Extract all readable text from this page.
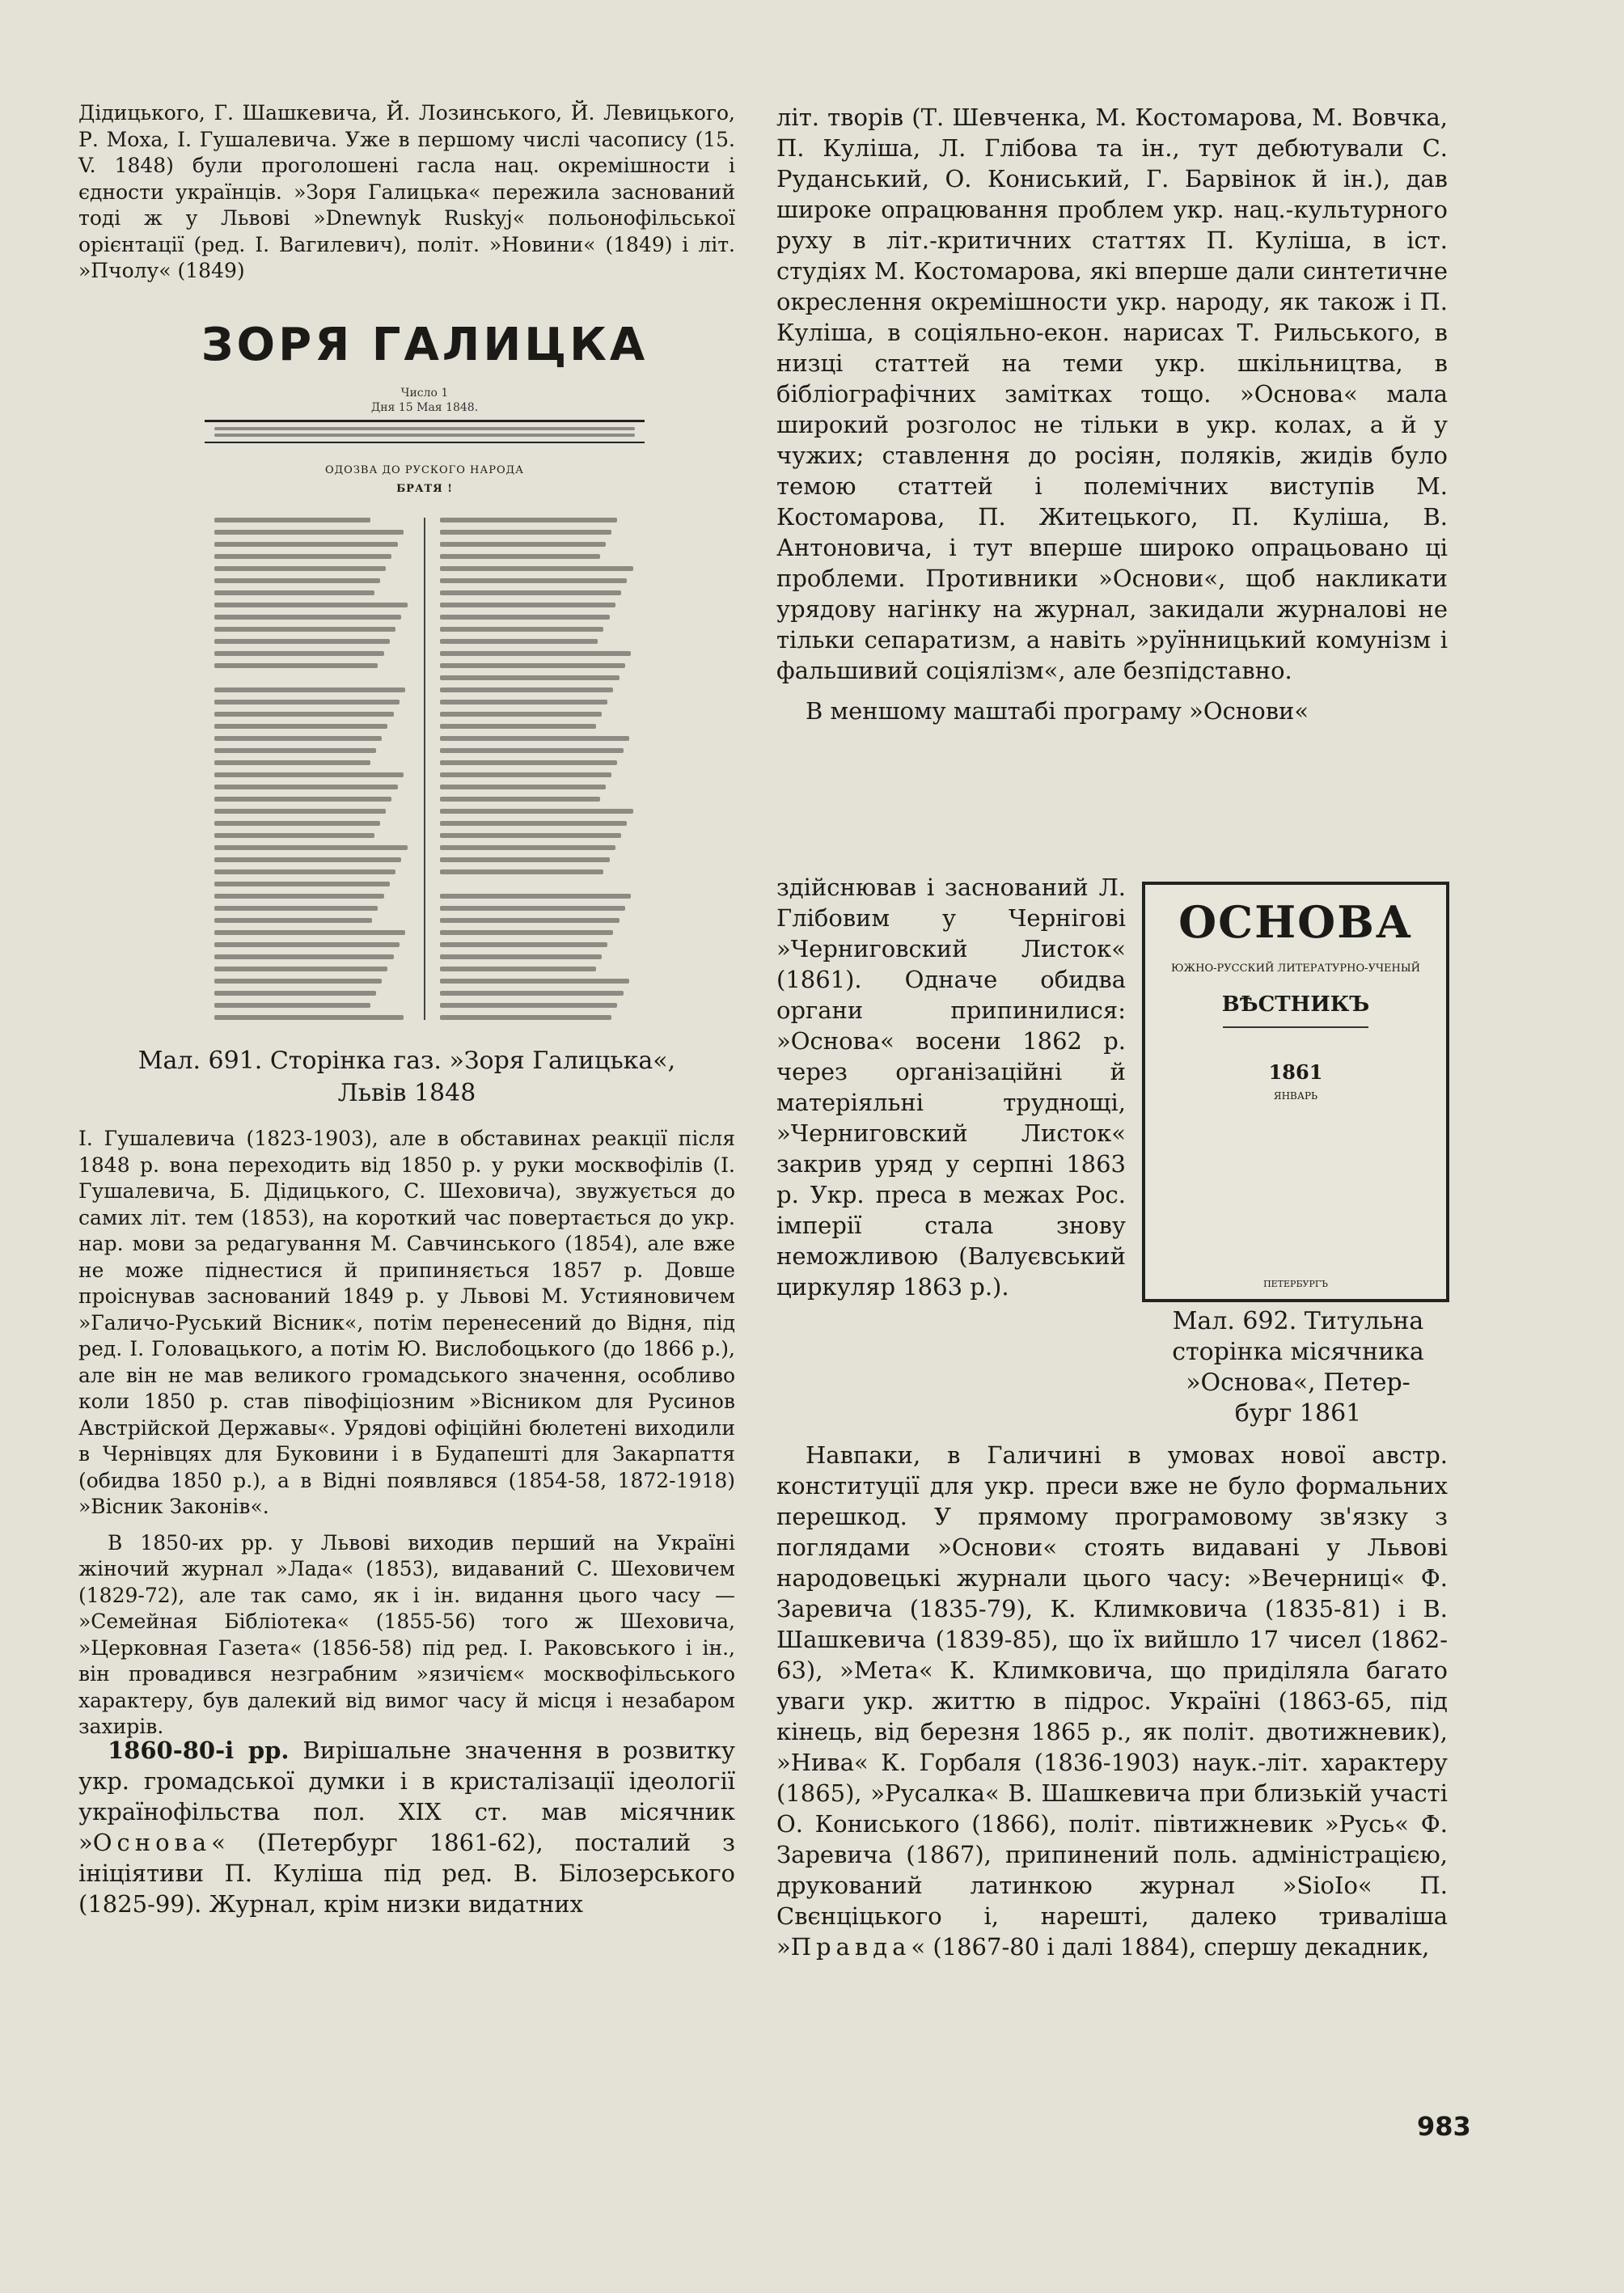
Дідицького, Г. Шашкевича, Й. Лозинського, Й. Левицького, Р. Моха, І. Гушалевича. Уже в першому числі часопису (15. V. 1848) були проголошені гасла нац. окремішности і єдности українців. »Зоря Галицька« пережила заснований тоді ж у Львові »Dnewnyk Ruskyj« польонофільської орієнтації (ред. І. Вагилевич), політ. »Новини« (1849) і літ. »Пчолу« (1849)

ЗОРЯ ГАЛИЦКА
Число 1
Дня 15 Мая 1848.
ОДОЗВА ДО РУСКОГО НАРОДА
БРАТЯ !
Мал. 691. Сторінка газ. »Зоря Галицька«,
Львів 1848

І. Гушалевича (1823-1903), але в обставинах реакції після 1848 р. вона переходить від 1850 р. у руки москвофілів (І. Гушалевича, Б. Дідицького, С. Шеховича), звужується до самих літ. тем (1853), на короткий час повертається до укр. нар. мови за редагування М. Савчинського (1854), але вже не може піднестися й припиняється 1857 р. Довше проіснував заснований 1849 р. у Львові М. Устияновичем »Галичо-Руський Вісник«, потім перенесений до Відня, під ред. І. Головацького, а потім Ю. Вислобоцького (до 1866 р.), але він не мав великого громадського значення, особливо коли 1850 р. став півофіціозним »Вісником для Русинов Австрійской Державы«. Урядові офіційні бюлетені виходили в Чернівцях для Буковини і в Будапешті для Закарпаття (обидва 1850 р.), а в Відні появлявся (1854-58, 1872-1918) »Вісник Законів«.

В 1850-их рр. у Львові виходив перший на Україні жіночий журнал »Лада« (1853), видаваний С. Шеховичем (1829-72), але так само, як і ін. видання цього часу — »Семейная Бібліотека« (1855-56) того ж Шеховича, »Церковная Газета« (1856-58) під ред. І. Раковського і ін., він провадився незграбним »язичієм« москвофільського характеру, був далекий від вимог часу й місця і незабаром захирів.

1860-80-і рр. Вирішальне значення в розвитку укр. громадської думки і в кристалізації ідеології українофільства пол. XIX ст. мав місячник »Основа« (Петербург 1861-62), посталий з ініціятиви П. Куліша під ред. В. Білозерського (1825-99). Журнал, крім низки видатних

літ. творів (Т. Шевченка, М. Костомарова, М. Вовчка, П. Куліша, Л. Глібова та ін., тут дебютували С. Руданський, О. Кониський, Г. Барвінок й ін.), дав широке опрацювання проблем укр. нац.-культурного руху в літ.-критичних статтях П. Куліша, в іст. студіях М. Костомарова, які вперше дали синтетичне окреслення окремішности укр. народу, як також і П. Куліша, в соціяльно-екон. нарисах Т. Рильського, в низці статтей на теми укр. шкільництва, в бібліографічних замітках тощо. »Основа« мала широкий розголос не тільки в укр. колах, а й у чужих; ставлення до росіян, поляків, жидів було темою статтей і полемічних виступів М. Костомарова, П. Житецького, П. Куліша, В. Антоновича, і тут вперше широко опрацьовано ці проблеми. Противники »Основи«, щоб накликати урядову нагінку на журнал, закидали журналові не тільки сепаратизм, а навіть »руїнницький комунізм і фальшивий соціялізм«, але безпідставно.

В меншому маштабі програму »Основи«

здійснював і заснований Л. Глібовим у Чернігові »Черниговский Листок« (1861). Одначе обидва органи припинилися: »Основа« восени 1862 р. через організаційні й матеріяльні труднощі, »Черниговский Листок« закрив уряд у серпні 1863 р. Укр. преса в межах Рос. імперії стала знову неможливою (Валуєвський циркуляр 1863 р.).

ОСНОВА
ЮЖНО-РУССКИЙ ЛИТЕРАТУРНО-УЧЕНЫЙ
ВѢСТНИКЪ
1861
ЯНВАРЬ
ПЕТЕРБУРГЪ
Мал. 692. Титульна
сторінка місячника
»Основа«, Петер-
бург 1861

Навпаки, в Галичині в умовах нової австр. конституції для укр. преси вже не було формальних перешкод. У прямому програмовому зв'язку з поглядами »Основи« стоять видавані у Львові народовецькі журнали цього часу: »Вечерниці« Ф. Заревича (1835-79), К. Климковича (1835-81) і В. Шашкевича (1839-85), що їх вийшло 17 чисел (1862-63), »Мета« К. Климковича, що приділяла багато уваги укр. життю в підрос. Україні (1863-65, під кінець, від березня 1865 р., як політ. двотижневик), »Нива« К. Горбаля (1836-1903) наук.-літ. характеру (1865), »Русалка« В. Шашкевича при близькій участі О. Кониського (1866), політ. півтижневик »Русь« Ф. Заревича (1867), припинений поль. адміністрацією, друкований латинкою журнал »SioIo« П. Свєнціцького і, нарешті, далеко триваліша »Правда« (1867-80 і далі 1884), спершу декадник,

983
